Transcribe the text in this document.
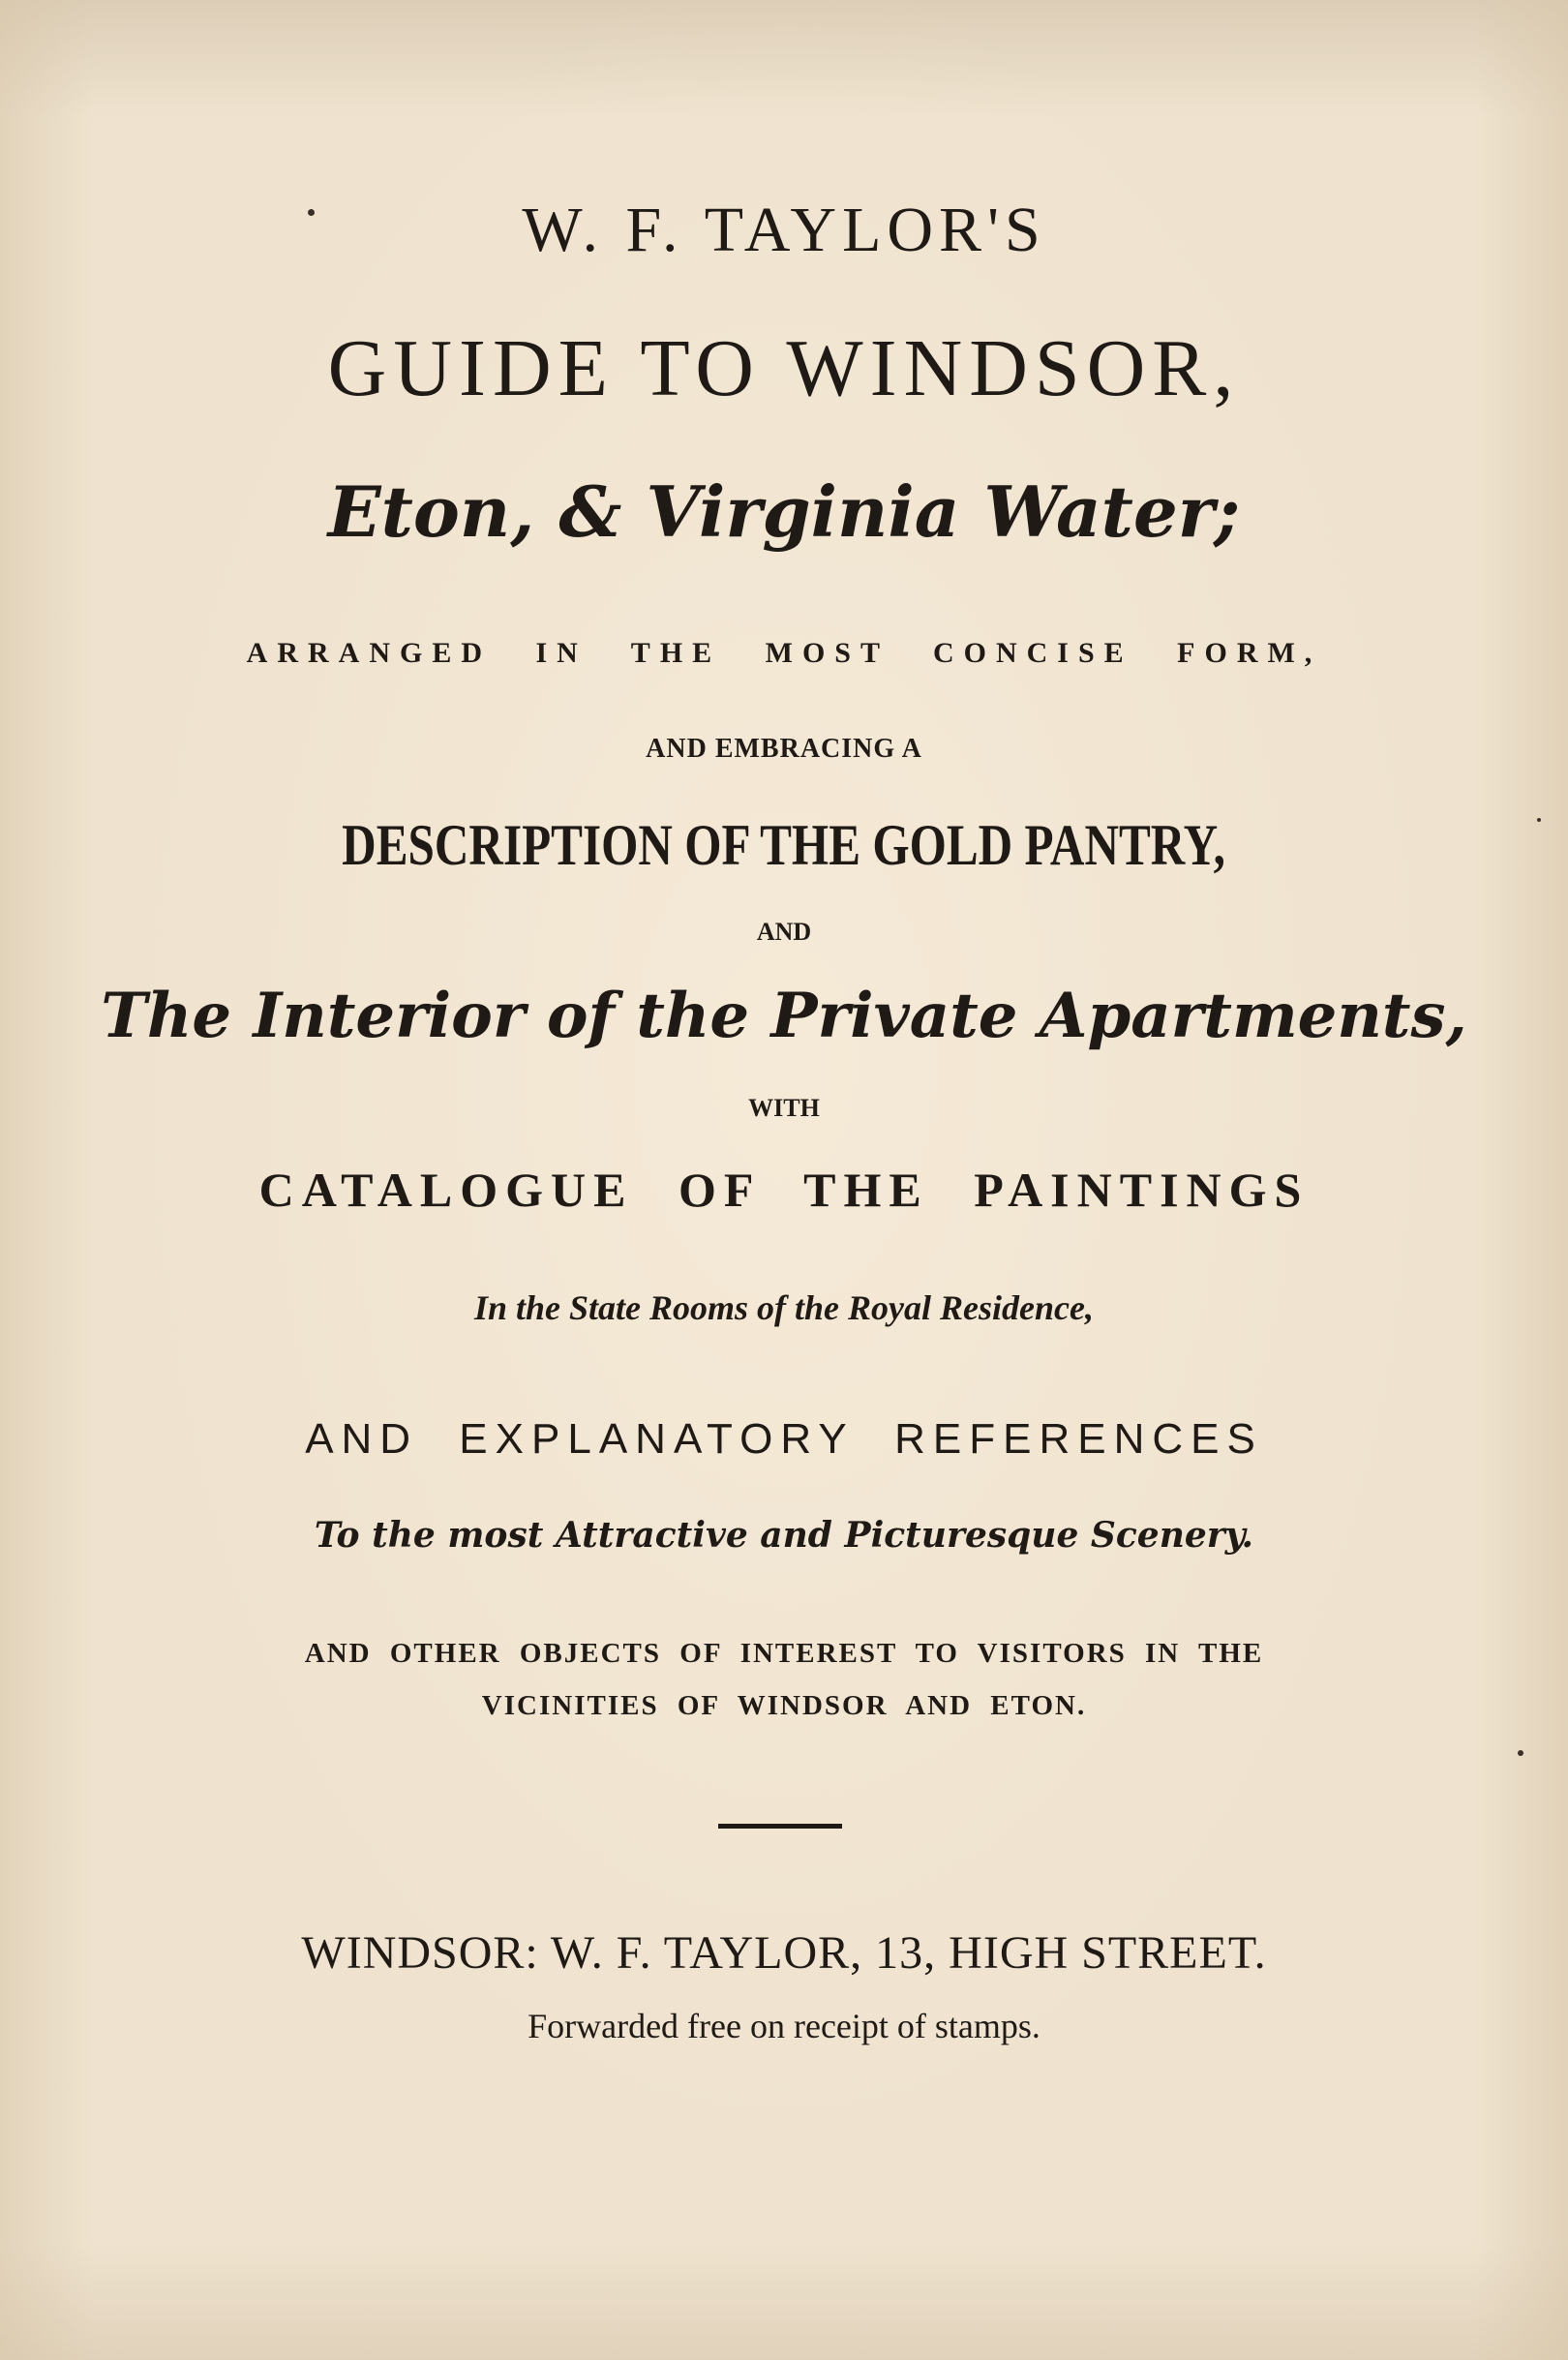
W. F. TAYLOR'S
GUIDE TO WINDSOR,
Eton, & Virginia Water;
ARRANGED IN THE MOST CONCISE FORM,
AND EMBRACING A
DESCRIPTION OF THE GOLD PANTRY,
AND
The Interior of the Private Apartments,
WITH
CATALOGUE OF THE PAINTINGS
In the State Rooms of the Royal Residence,
AND EXPLANATORY REFERENCES
To the most Attractive and Picturesque Scenery.
AND OTHER OBJECTS OF INTEREST TO VISITORS IN THE
VICINITIES OF WINDSOR AND ETON.
WINDSOR: W. F. TAYLOR, 13, HIGH STREET.
Forwarded free on receipt of stamps.
